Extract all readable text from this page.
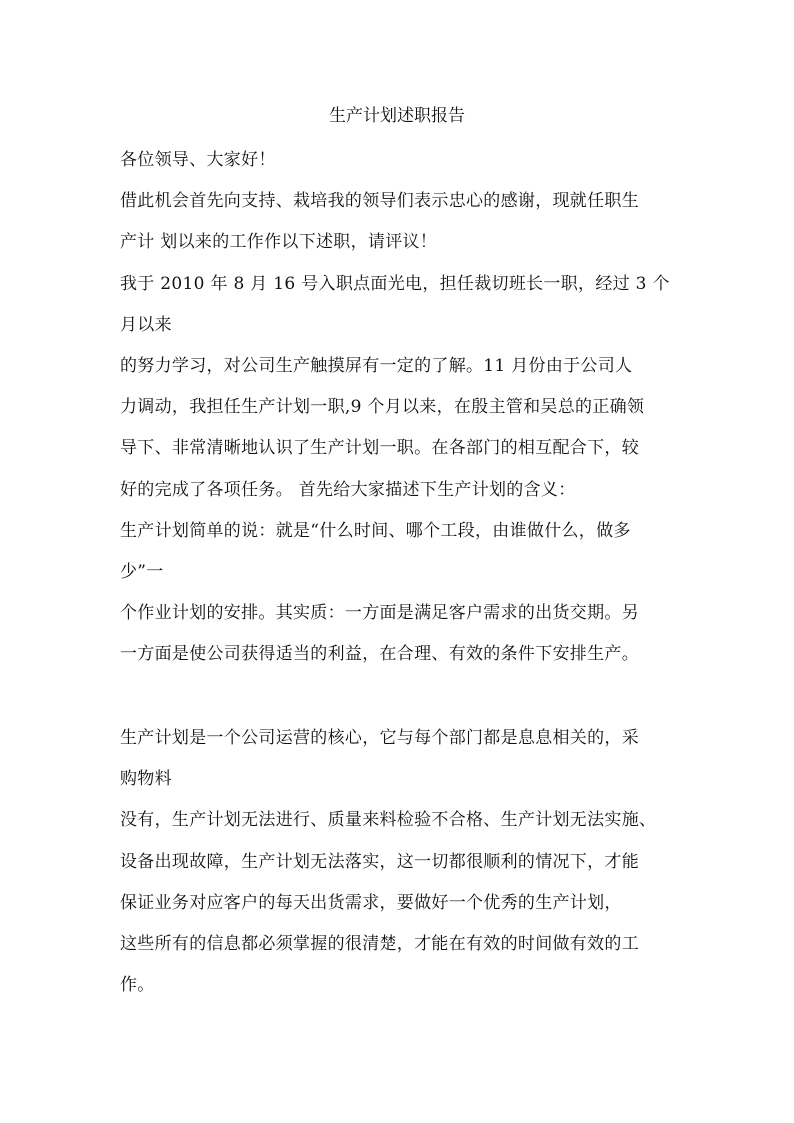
生产计划述职报告
各位领导、大家好！
借此机会首先向支持、栽培我的领导们表示忠心的感谢，现就任职生
产计 划以来的工作作以下述职，请评议！
我于 2010 年 8 月 16 号入职点面光电，担任裁切班长一职，经过 3 个
月以来
的努力学习，对公司生产触摸屏有一定的了解。11 月份由于公司人
力调动，我担任生产计划一职,9 个月以来，在殷主管和吴总的正确领
导下、非常清晰地认识了生产计划一职。在各部门的相互配合下，较
好的完成了各项任务。 首先给大家描述下生产计划的含义：
生产计划简单的说：就是“什么时间、哪个工段，由谁做什么，做多
少”一
个作业计划的安排。其实质：一方面是满足客户需求的出货交期。另
一方面是使公司获得适当的利益，在合理、有效的条件下安排生产。
生产计划是一个公司运营的核心，它与每个部门都是息息相关的，采
购物料
没有，生产计划无法进行、质量来料检验不合格、生产计划无法实施、
设备出现故障，生产计划无法落实，这一切都很顺利的情况下，才能
保证业务对应客户的每天出货需求，要做好一个优秀的生产计划，
这些所有的信息都必须掌握的很清楚，才能在有效的时间做有效的工
作。
